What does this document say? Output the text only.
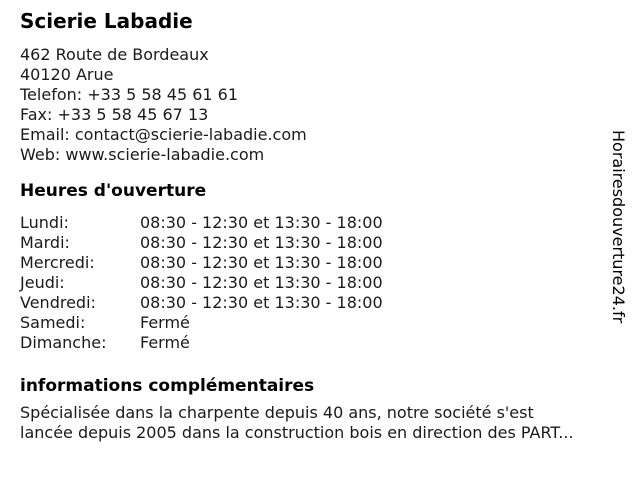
Scierie Labadie
462 Route de Bordeaux
40120 Arue
Telefon: +33 5 58 45 61 61
Fax: +33 5 58 45 67 13
Email: contact@scierie-labadie.com
Web: www.scierie-labadie.com
Heures d'ouverture
Lundi:	08:30 - 12:30 et 13:30 - 18:00
Mardi:	08:30 - 12:30 et 13:30 - 18:00
Mercredi:	08:30 - 12:30 et 13:30 - 18:00
Jeudi:	08:30 - 12:30 et 13:30 - 18:00
Vendredi:	08:30 - 12:30 et 13:30 - 18:00
Samedi:	Fermé
Dimanche:	Fermé
informations complémentaires
Spécialisée dans la charpente depuis 40 ans, notre société s'est
lancée depuis 2005 dans la construction bois en direction des PART...
Horairesdouverture24.fr
